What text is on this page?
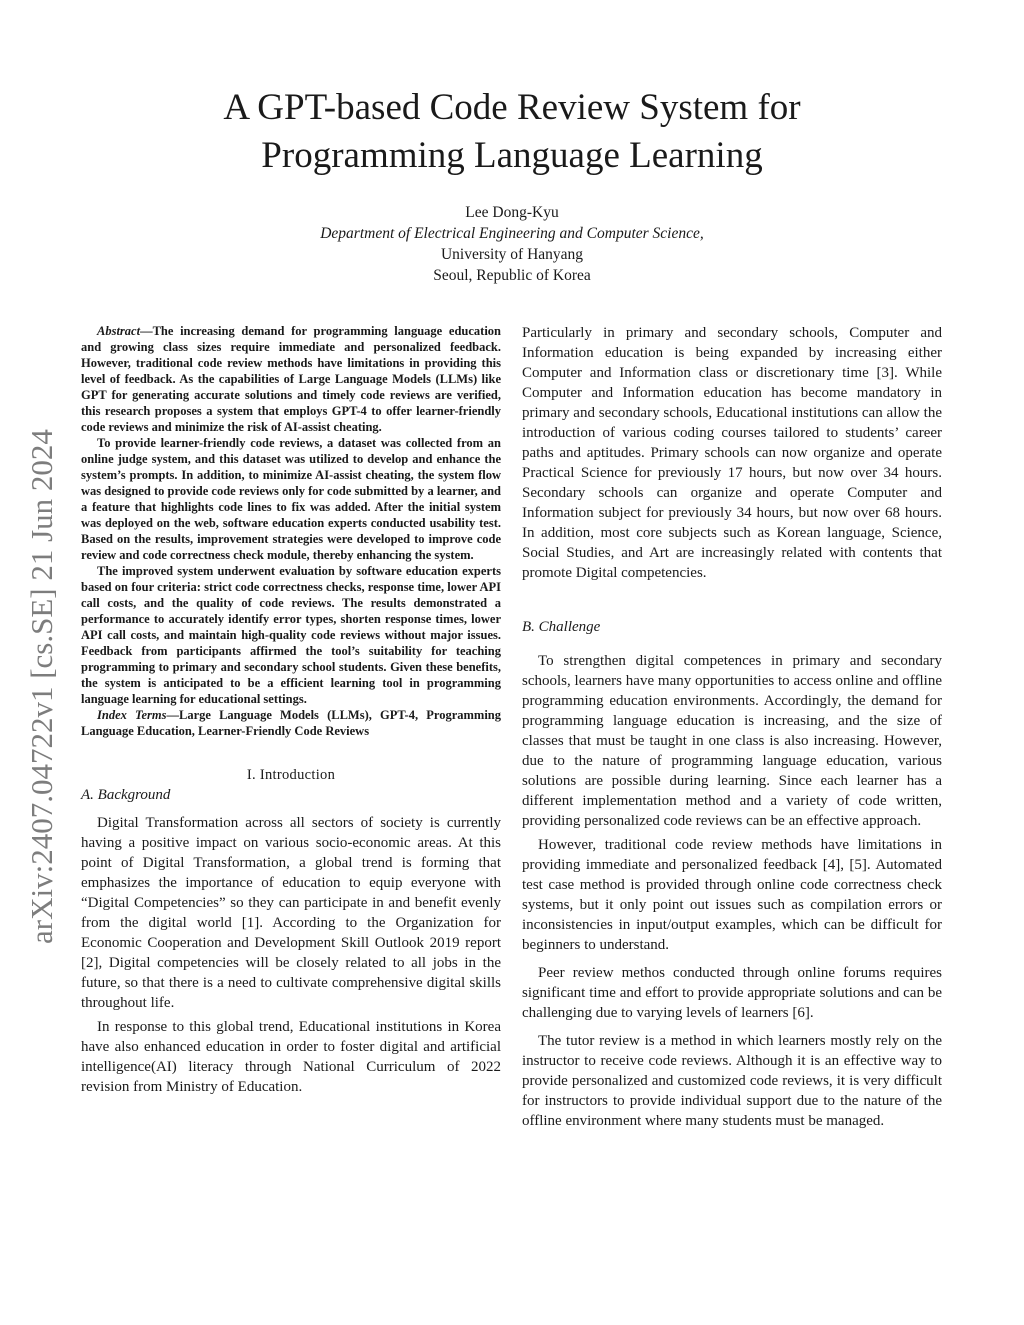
arXiv:2407.04722v1 [cs.SE] 21 Jun 2024
A GPT-based Code Review System for
Programming Language Learning
Lee Dong-Kyu
Department of Electrical Engineering and Computer Science,
University of Hanyang
Seoul, Republic of Korea

Abstract—The increasing demand for programming language education and growing class sizes require immediate and personalized feedback. However, traditional code review methods have limitations in providing this level of feedback. As the capabilities of Large Language Models (LLMs) like GPT for generating accurate solutions and timely code reviews are verified, this research proposes a system that employs GPT-4 to offer learner-friendly code reviews and minimize the risk of AI-assist cheating.

To provide learner-friendly code reviews, a dataset was collected from an online judge system, and this dataset was utilized to develop and enhance the system’s prompts. In addition, to minimize AI-assist cheating, the system flow was designed to provide code reviews only for code submitted by a learner, and a feature that highlights code lines to fix was added. After the initial system was deployed on the web, software education experts conducted usability test. Based on the results, improvement strategies were developed to improve code review and code correctness check module, thereby enhancing the system.

The improved system underwent evaluation by software education experts based on four criteria: strict code correctness checks, response time, lower API call costs, and the quality of code reviews. The results demonstrated a performance to accurately identify error types, shorten response times, lower API call costs, and maintain high-quality code reviews without major issues. Feedback from participants affirmed the tool’s suitability for teaching programming to primary and secondary school students. Given these benefits, the system is anticipated to be a efficient learning tool in programming language learning for educational settings.

Index Terms—Large Language Models (LLMs), GPT-4, Programming Language Education, Learner-Friendly Code Reviews

I. Introduction
A. Background

Digital Transformation across all sectors of society is currently having a positive impact on various socio-economic areas. At this point of Digital Transformation, a global trend is forming that emphasizes the importance of education to equip everyone with “Digital Competencies” so they can participate in and benefit evenly from the digital world [1]. According to the Organization for Economic Cooperation and Development Skill Outlook 2019 report [2], Digital competencies will be closely related to all jobs in the future, so that there is a need to cultivate comprehensive digital skills throughout life.

In response to this global trend, Educational institutions in Korea have also enhanced education in order to foster digital and artificial intelligence(AI) literacy through National Curriculum of 2022 revision from Ministry of Education.

Particularly in primary and secondary schools, Computer and Information education is being expanded by increasing either Computer and Information class or discretionary time [3]. While Computer and Information education has become mandatory in primary and secondary schools, Educational institutions can allow the introduction of various coding courses tailored to students’ career paths and aptitudes. Primary schools can now organize and operate Practical Science for previously 17 hours, but now over 34 hours. Secondary schools can organize and operate Computer and Information subject for previously 34 hours, but now over 68 hours. In addition, most core subjects such as Korean language, Science, Social Studies, and Art are increasingly related with contents that promote Digital competencies.

B. Challenge

To strengthen digital competences in primary and secondary schools, learners have many opportunities to access online and offline programming education environments. Accordingly, the demand for programming language education is increasing, and the size of classes that must be taught in one class is also increasing. However, due to the nature of programming language education, various solutions are possible during learning. Since each learner has a different implementation method and a variety of code written, providing personalized code reviews can be an effective approach.

However, traditional code review methods have limitations in providing immediate and personalized feedback [4], [5]. Automated test case method is provided through online code correctness check systems, but it only point out issues such as compilation errors or inconsistencies in input/output examples, which can be difficult for beginners to understand.

Peer review methos conducted through online forums requires significant time and effort to provide appropriate solutions and can be challenging due to varying levels of learners [6].

The tutor review is a method in which learners mostly rely on the instructor to receive code reviews. Although it is an effective way to provide personalized and customized code reviews, it is very difficult for instructors to provide individual support due to the nature of the offline environment where many students must be managed.
